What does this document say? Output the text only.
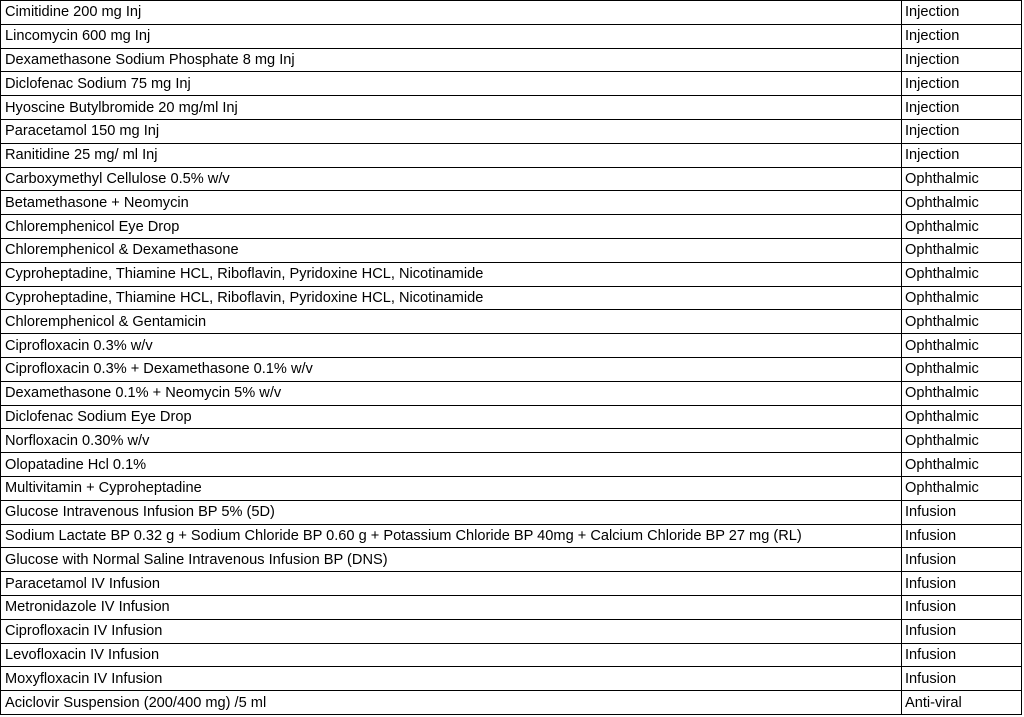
Cimitidine 200 mg Inj	Injection
Lincomycin 600 mg Inj	Injection
Dexamethasone Sodium Phosphate 8 mg Inj	Injection
Diclofenac Sodium 75 mg Inj	Injection
Hyoscine Butylbromide 20 mg/ml Inj	Injection
Paracetamol 150 mg Inj	Injection
Ranitidine 25 mg/ ml Inj	Injection
Carboxymethyl Cellulose 0.5% w/v	Ophthalmic
Betamethasone + Neomycin	Ophthalmic
Chloremphenicol Eye Drop	Ophthalmic
Chloremphenicol & Dexamethasone	Ophthalmic
Cyproheptadine, Thiamine HCL, Riboflavin, Pyridoxine HCL, Nicotinamide	Ophthalmic
Cyproheptadine, Thiamine HCL, Riboflavin, Pyridoxine HCL, Nicotinamide	Ophthalmic
Chloremphenicol & Gentamicin	Ophthalmic
Ciprofloxacin 0.3% w/v	Ophthalmic
Ciprofloxacin 0.3% + Dexamethasone 0.1% w/v	Ophthalmic
Dexamethasone 0.1% + Neomycin 5% w/v	Ophthalmic
Diclofenac Sodium Eye Drop	Ophthalmic
Norfloxacin 0.30% w/v	Ophthalmic
Olopatadine Hcl 0.1%	Ophthalmic
Multivitamin + Cyproheptadine	Ophthalmic
Glucose Intravenous Infusion BP 5% (5D)	Infusion
Sodium Lactate BP 0.32 g + Sodium Chloride BP 0.60 g + Potassium Chloride BP 40mg + Calcium Chloride BP 27 mg (RL)	Infusion
Glucose with Normal Saline Intravenous Infusion BP (DNS)	Infusion
Paracetamol IV Infusion	Infusion
Metronidazole IV Infusion	Infusion
Ciprofloxacin IV Infusion	Infusion
Levofloxacin IV Infusion	Infusion
Moxyfloxacin IV Infusion	Infusion
Aciclovir Suspension (200/400 mg) /5 ml	Anti-viral
